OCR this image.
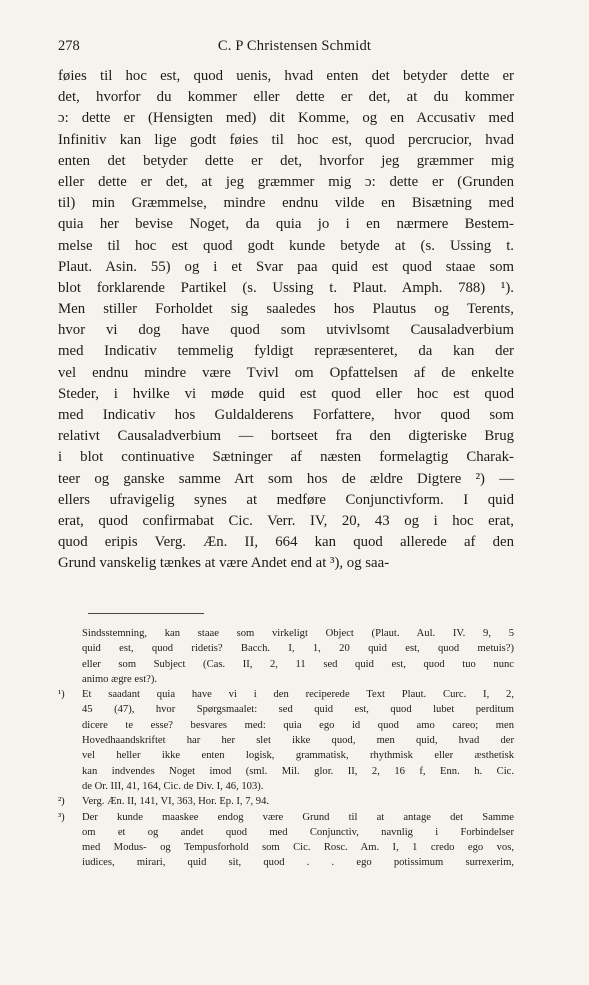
278	C. P Christensen Schmidt
føies til hoc est, quod uenis, hvad enten det betyder dette er
det, hvorfor du kommer eller dette er det, at du kommer
ɔ: dette er (Hensigten med) dit Komme, og en Accusativ med
Infinitiv kan lige godt føies til hoc est, quod percrucior, hvad
enten det betyder dette er det, hvorfor jeg græmmer mig
eller dette er det, at jeg græmmer mig ɔ: dette er (Grunden
til) min Græmmelse, mindre endnu vilde en Bisætning med
quia her bevise Noget, da quia jo i en nærmere Bestem-
melse til hoc est quod godt kunde betyde at (s. Ussing t.
Plaut. Asin. 55) og i et Svar paa quid est quod staae som
blot forklarende Partikel (s. Ussing t. Plaut. Amph. 788) ¹).
Men stiller Forholdet sig saaledes hos Plautus og Terents,
hvor vi dog have quod som utvivlsomt Causaladverbium
med Indicativ temmelig fyldigt repræsenteret, da kan der
vel endnu mindre være Tvivl om Opfattelsen af de enkelte
Steder, i hvilke vi møde quid est quod eller hoc est quod
med Indicativ hos Guldalderens Forfattere, hvor quod som
relativt Causaladverbium — bortseet fra den digteriske Brug
i blot continuative Sætninger af næsten formelagtig Charak-
teer og ganske samme Art som hos de ældre Digtere ²) —
ellers ufravigelig synes at medføre Conjunctivform. I quid
erat, quod confirmabat Cic. Verr. IV, 20, 43 og i hoc erat,
quod eripis Verg. Æn. II, 664 kan quod allerede af den
Grund vanskelig tænkes at være Andet end at ³), og saa-
Sindsstemning, kan staae som virkeligt Object (Plaut. Aul. IV. 9, 5
quid est, quod ridetis? Bacch. I, 1, 20 quid est, quod metuis?)
eller som Subject (Cas. II, 2, 11 sed quid est, quod tuo nunc
animo ægre est?).
¹)	Et saadant quia have vi i den reciperede Text Plaut. Curc. I, 2,
45 (47), hvor Spørgsmaalet: sed quid est, quod lubet perditum
dicere te esse? besvares med: quia ego id quod amo careo; men
Hovedhaandskriftet har her slet ikke quod, men quid, hvad der
vel heller ikke enten logisk, grammatisk, rhythmisk eller æsthetisk
kan indvendes Noget imod (sml. Mil. glor. II, 2, 16 f, Enn. h. Cic.
de Or. III, 41, 164, Cic. de Div. I, 46, 103).
²)	Verg. Æn. II, 141, VI, 363, Hor. Ep. I, 7, 94.
³)	Der kunde maaskee endog være Grund til at antage det Samme
om et og andet quod med Conjunctiv, navnlig i Forbindelser
med Modus- og Tempusforhold som Cic. Rosc. Am. I, 1 credo ego vos,
iudices, mirari, quid sit, quod . . ego potissimum surrexerim,
